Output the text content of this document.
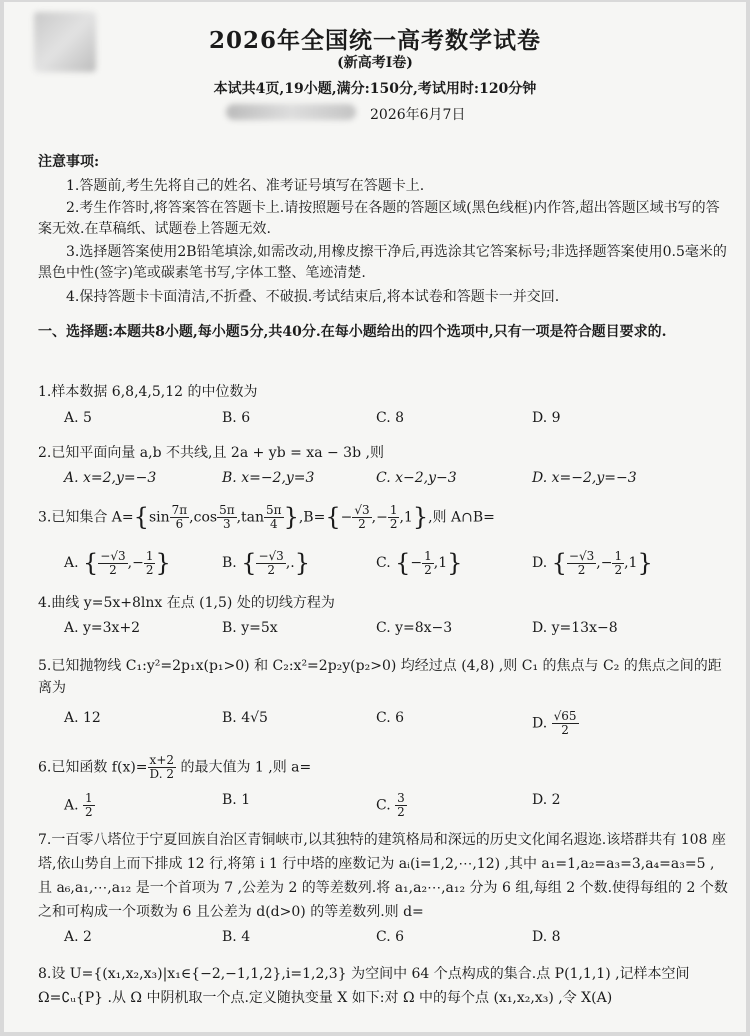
2026年全国统一高考数学试卷
(新高考Ⅰ卷)
本试共4页,19小题,满分:150分,考试用时:120分钟
2026年6月7日
注意事项:
1.答题前,考生先将自己的姓名、准考证号填写在答题卡上.
2.考生作答时,将答案答在答题卡上.请按照题号在各题的答题区域(黑色线框)内作答,超出答题区域书写的答案无效.在草稿纸、试题卷上答题无效.
3.选择题答案使用2B铅笔填涂,如需改动,用橡皮擦干净后,再选涂其它答案标号;非选择题答案使用0.5毫米的黑色中性(签字)笔或碳素笔书写,字体工整、笔迹清楚.
4.保持答题卡卡面清洁,不折叠、不破损.考试结束后,将本试卷和答题卡一并交回.
一、选择题:本题共8小题,每小题5分,共40分.在每小题给出的四个选项中,只有一项是符合题目要求的.
1.样本数据 6,8,4,5,12 的中位数为
A. 5	B. 6	C. 8	D. 9
2.已知平面向量 a,b 不共线,且 2a + yb = xa − 3b ,则
A. x=2,y=−3	B. x=−2,y=3	C. x−2,y−3	D. x=−2,y=−3
3.已知集合 $A=\{\sin \frac{7\pi}{6} ,\cos \frac{5\pi}{3} ,\tan \frac{5\pi}{4} \},B=\{- \frac{√3}{2}$ ,− $\frac{1}{2} ,1$},则 A∩B=
A. { $\frac{-√3}{2}$ ,− $\frac{1}{2}$ }	B. { $\frac{-√3}{2}$ ,.}	C. {− $\frac{1}{2} ,1$}	D. { $\frac{-√3}{2}$ ,− $\frac{1}{2} ,1$}
4.曲线 y=5x+8lnx 在点 (1,5) 处的切线方程为
A. y=3x+2	B. y=5x	C. y=8x−3	D. y=13x−8
5.已知抛物线 C₁:y²=2p₁x(p₁>0) 和 C₂:x²=2p₂y(p₂>0) 均经过点 (4,8) ,则 C₁ 的焦点与 C₂ 的焦点之间的距离为
A. 12	B. 4√5	C. 6	D. $\frac{√65}{2}$
6.已知函数 $f(x)= \frac{x+2}{D. 2}$ 的最大值为 1 ,则 a=
A. $\frac{1}{2}$	B. 1	C. $\frac{3}{2}$	D. 2
7.一百零八塔位于宁夏回族自治区青铜峡市,以其独特的建筑格局和深远的历史文化闻名遐迩.该塔群共有 108 座塔,依山势自上而下排成 12 行,将第 i 1 行中塔的座数记为 aᵢ(i=1,2,⋯,12) ,其中 a₁=1,a₂=a₃=3,a₄=a₃=5 ,且 a₆,a₁,⋯,a₁₂ 是一个首项为 7 ,公差为 2 的等差数列.将 a₁,a₂⋯,a₁₂ 分为 6 组,每组 2 个数.使得每组的 2 个数之和可构成一个项数为 6 且公差为 d(d>0) 的等差数列.则 d=
A. 2	B. 4	C. 6	D. 8
8.设 U={(x₁,x₂,x₃)|x₁∈{−2,−1,1,2},i=1,2,3} 为空间中 64 个点构成的集合.点 P(1,1,1) ,记样本空间 Ω=∁ᵤ{P} .从 Ω 中阴机取一个点.定义随执变量 X 如下:对 Ω 中的每个点 (x₁,x₂,x₃) ,令 X(A)
